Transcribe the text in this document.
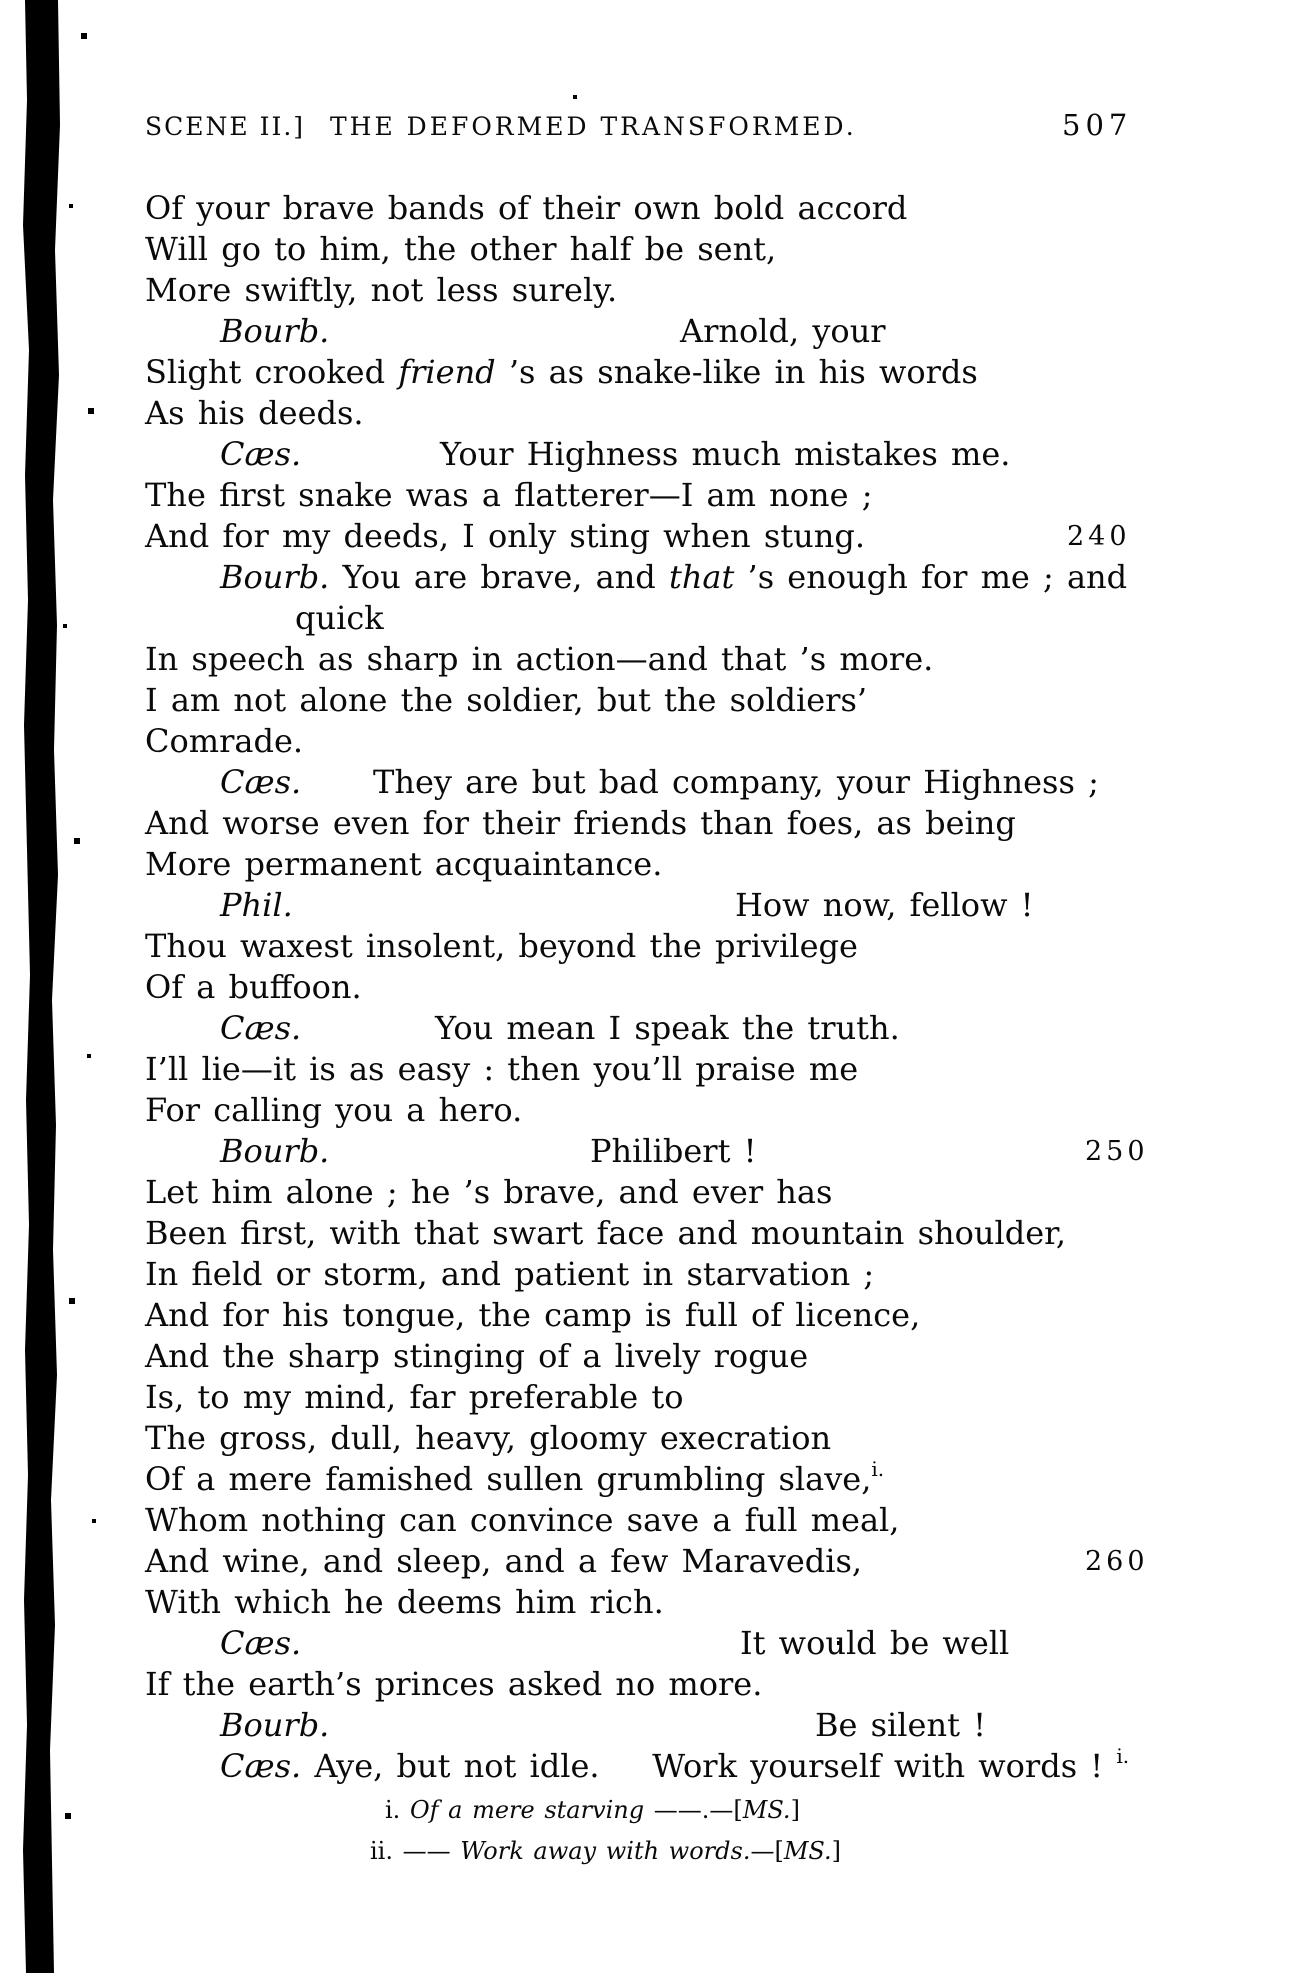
SCENE II.] THE DEFORMED TRANSFORMED.	507
Of your brave bands of their own bold accord
Will go to him, the other half be sent,
More swiftly, not less surely.
Bourb.	Arnold, your
Slight crooked friend ’s as snake-like in his words
As his deeds.
Cæs.	Your Highness much mistakes me.
The first snake was a flatterer—I am none ;
And for my deeds, I only sting when stung.	240
Bourb. You are brave, and that ’s enough for me ; and
quick
In speech as sharp in action—and that ’s more.
I am not alone the soldier, but the soldiers’
Comrade.
Cæs. They are but bad company, your Highness ;
And worse even for their friends than foes, as being
More permanent acquaintance.
Phil.	How now, fellow !
Thou waxest insolent, beyond the privilege
Of a buffoon.
Cæs.	You mean I speak the truth.
I’ll lie—it is as easy : then you’ll praise me
For calling you a hero.
Bourb.	Philibert !	250
Let him alone ; he ’s brave, and ever has
Been first, with that swart face and mountain shoulder,
In field or storm, and patient in starvation ;
And for his tongue, the camp is full of licence,
And the sharp stinging of a lively rogue
Is, to my mind, far preferable to
The gross, dull, heavy, gloomy execration
Of a mere famished sullen grumbling slave,$^{i.}$
Whom nothing can convince save a full meal,
And wine, and sleep, and a few Maravedis,	260
With which he deems him rich.
Cæs.	It would be well
If the earth’s princes asked no more.
Bourb.	Be silent !
Cæs. Aye, but not idle.    Work yourself with words ! $^{i.}$
i. Of a mere starving ——.—[MS.]
ii. —— Work away with words.—[MS.]
